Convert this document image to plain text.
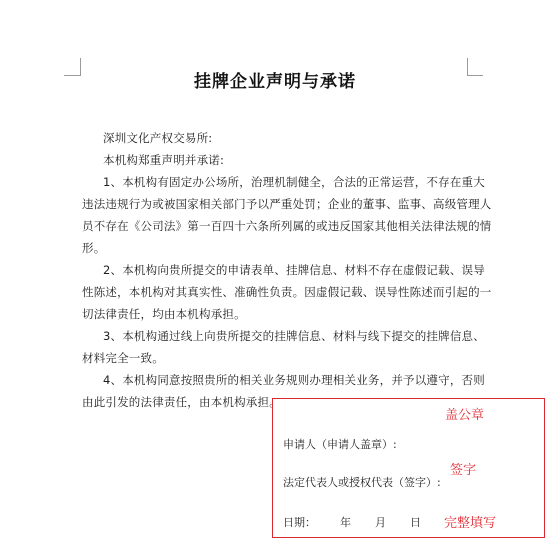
挂牌企业声明与承诺
深圳文化产权交易所:
本机构郑重声明并承诺:
1、本机构有固定办公场所，治理机制健全，合法的正常运营，不存在重大
违法违规行为或被国家相关部门予以严重处罚；企业的董事、监事、高级管理人
员不存在《公司法》第一百四十六条所列属的或违反国家其他相关法律法规的情
形。
2、本机构向贵所提交的申请表单、挂牌信息、材料不存在虚假记载、误导
性陈述，本机构对其真实性、准确性负责。因虚假记载、误导性陈述而引起的一
切法律责任，均由本机构承担。
3、本机构通过线上向贵所提交的挂牌信息、材料与线下提交的挂牌信息、
材料完全一致。
4、本机构同意按照贵所的相关业务规则办理相关业务，并予以遵守，否则
由此引发的法律责任，由本机构承担。
申请人（申请人盖章）:
法定代表人或授权代表（签字）:
日期： 年 月 日
盖公章
签字
完整填写
